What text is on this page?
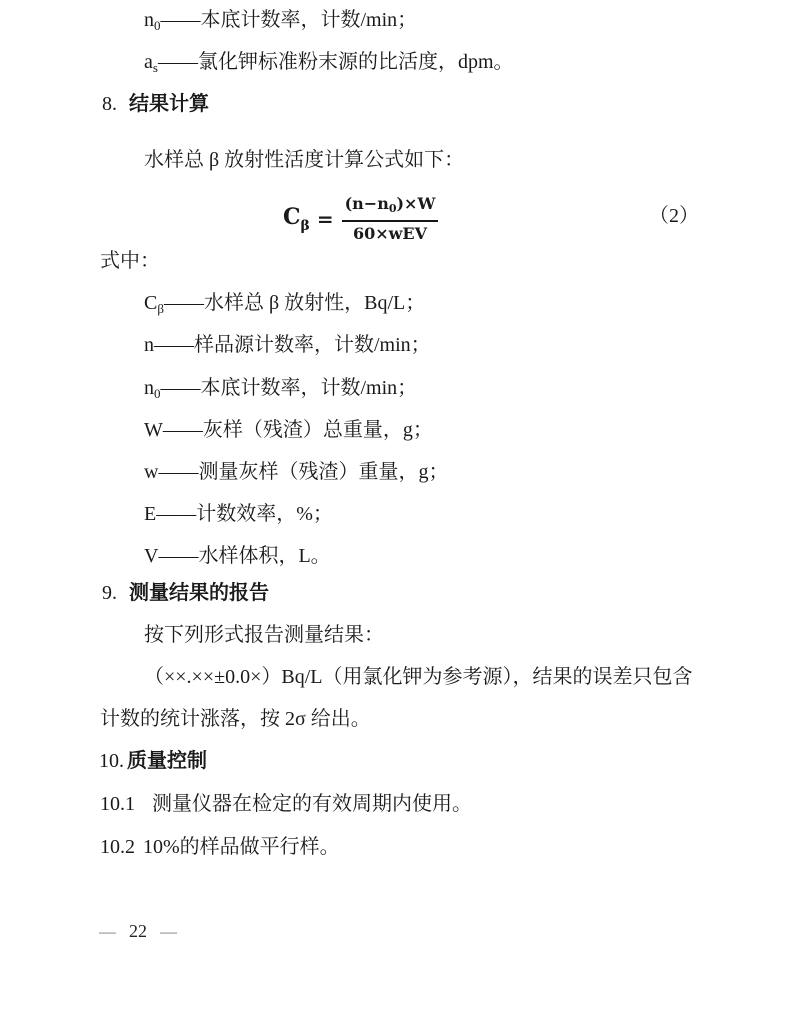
$n_0——$本底计数率，计数/min；
$a_s——$氯化钾标准粉末源的比活度，dpm。
8. 结果计算
水样总 β 放射性活度计算公式如下：
$C_\beta = \frac{(n-n_0)\times W}{\text{60×wEV}}$	（2）
式中：
$C_\beta——$水样总 β 放射性，Bq/L；
n——样品源计数率，计数/min；
$n_0——$本底计数率，计数/min；
W——灰样（残渣）总重量，g；
w——测量灰样（残渣）重量，g；
E——计数效率，%；
V——水样体积，L。
9. 测量结果的报告
按下列形式报告测量结果：
（××.××±0.0×）Bq/L（用氯化钾为参考源），结果的误差只包含
计数的统计涨落，按 2σ 给出。
10. 质量控制
10.1 测量仪器在检定的有效周期内使用。
10.2 10%的样品做平行样。
— 22 —
